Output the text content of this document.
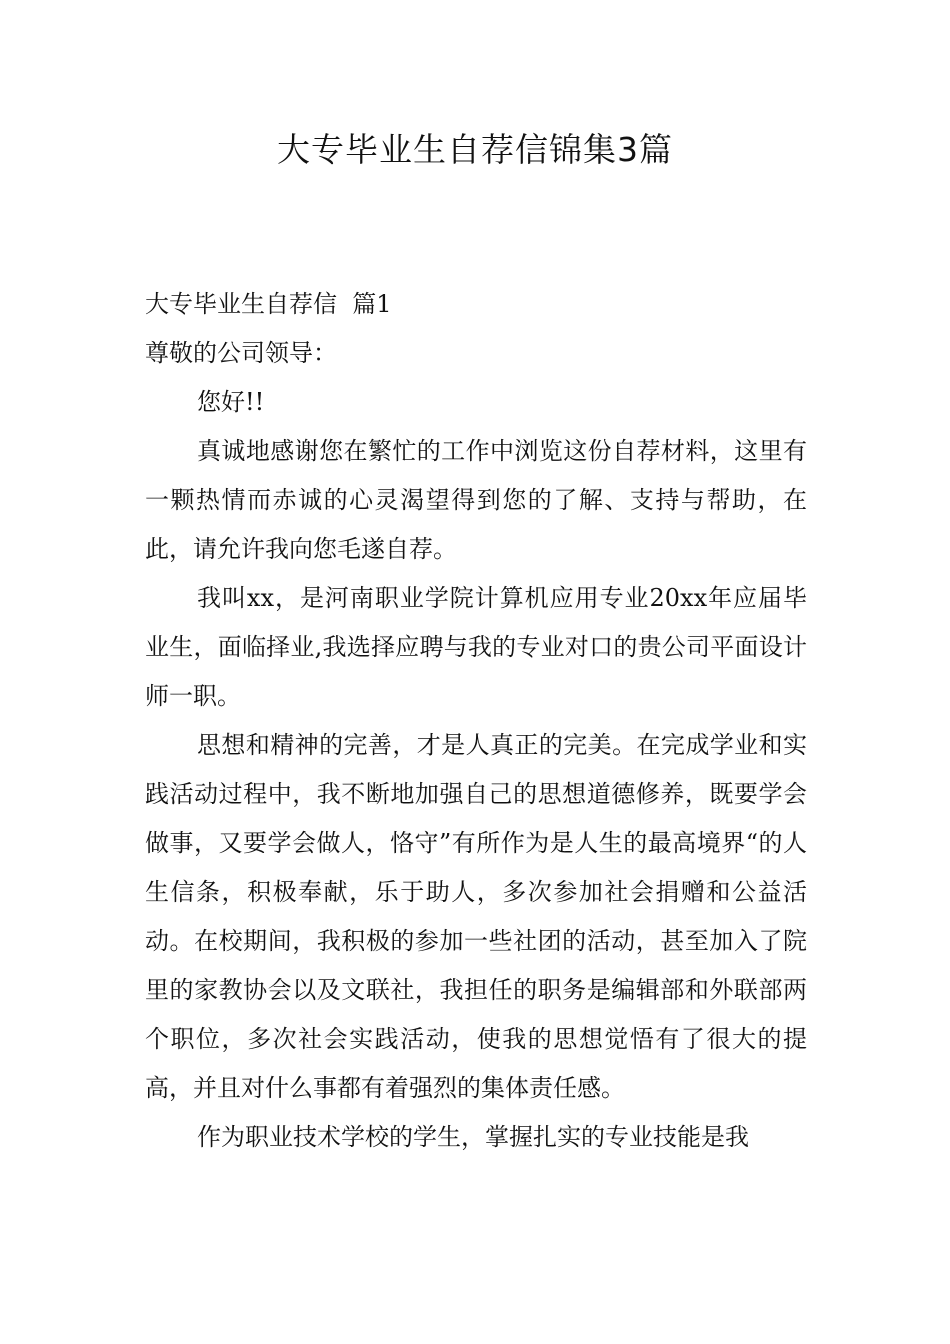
大专毕业生自荐信锦集3篇

大专毕业生自荐信  篇1

尊敬的公司领导：

您好!!

真诚地感谢您在繁忙的工作中浏览这份自荐材料，这里有一颗热情而赤诚的心灵渴望得到您的了解、支持与帮助，在此，请允许我向您毛遂自荐。

我叫xx，是河南职业学院计算机应用专业20xx年应届毕业生，面临择业,我选择应聘与我的专业对口的贵公司平面设计师一职。

思想和精神的完善，才是人真正的完美。在完成学业和实践活动过程中，我不断地加强自己的思想道德修养，既要学会做事，又要学会做人，恪守”有所作为是人生的最高境界“的人生信条，积极奉献，乐于助人，多次参加社会捐赠和公益活动。在校期间，我积极的参加一些社团的活动，甚至加入了院里的家教协会以及文联社，我担任的职务是编辑部和外联部两个职位，多次社会实践活动，使我的思想觉悟有了很大的提高，并且对什么事都有着强烈的集体责任感。

作为职业技术学校的学生，掌握扎实的专业技能是我
